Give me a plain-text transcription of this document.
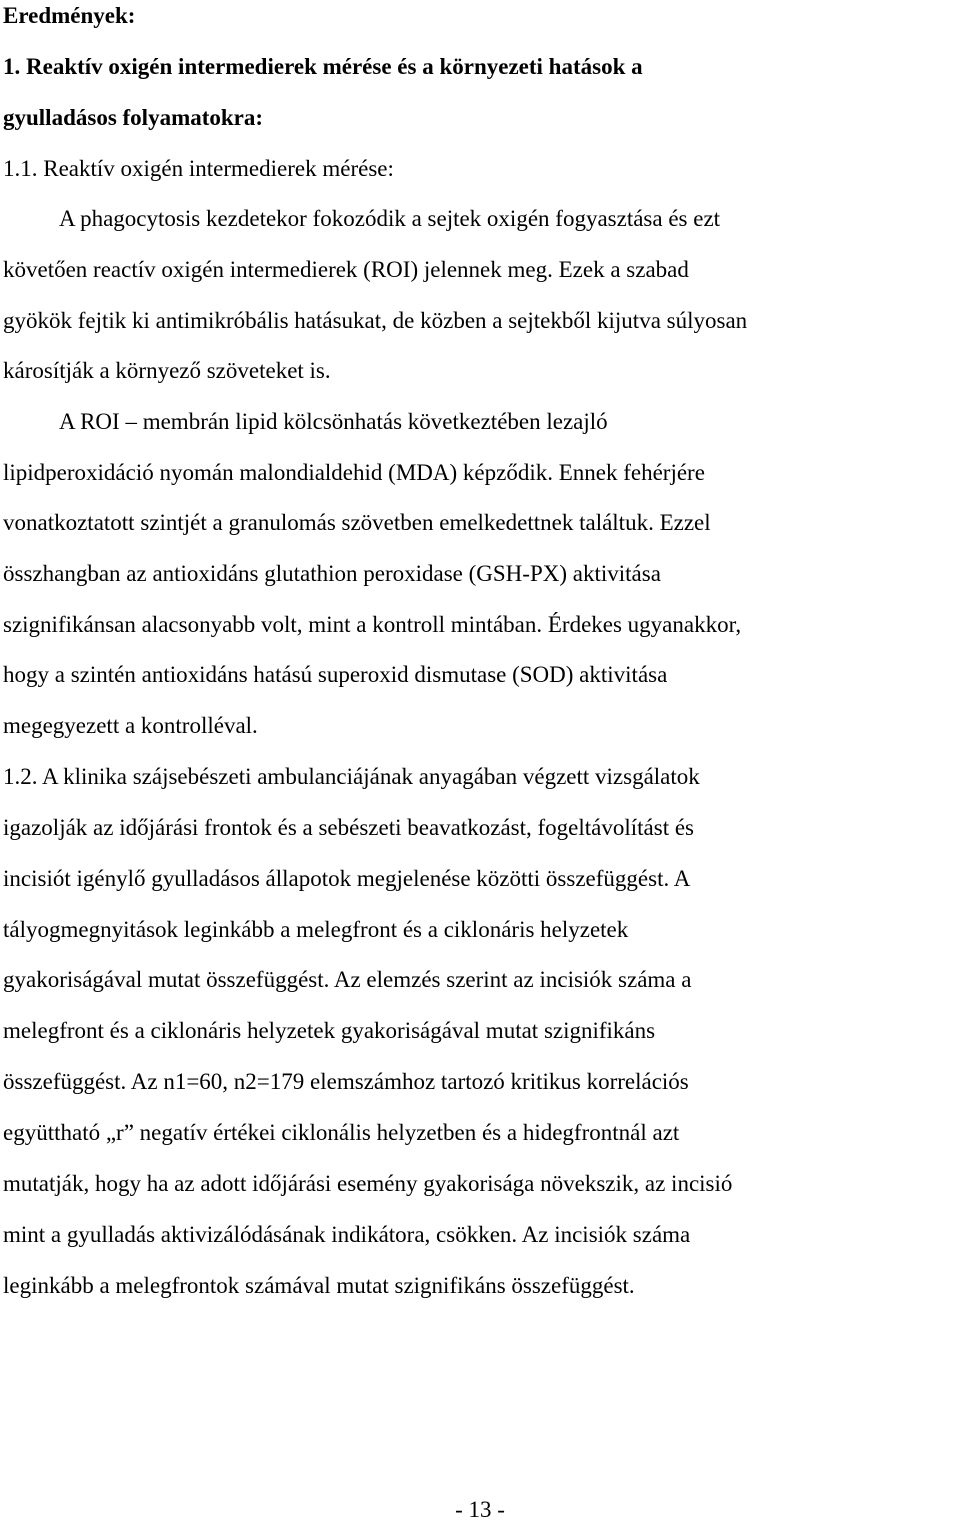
Eredmények:
1. Reaktív oxigén intermedierek mérése és a környezeti hatások a
gyulladásos folyamatokra:
1.1. Reaktív oxigén intermedierek mérése:
A phagocytosis kezdetekor fokozódik a sejtek oxigén fogyasztása és ezt
követően reactív oxigén intermedierek (ROI) jelennek meg. Ezek a szabad
gyökök fejtik ki antimikróbális hatásukat, de közben a sejtekből kijutva súlyosan
károsítják a környező szöveteket is.
A ROI – membrán lipid kölcsönhatás következtében lezajló
lipidperoxidáció nyomán malondialdehid (MDA) képződik. Ennek fehérjére
vonatkoztatott szintjét a granulomás szövetben emelkedettnek találtuk. Ezzel
összhangban az antioxidáns glutathion peroxidase (GSH-PX) aktivitása
szignifikánsan alacsonyabb volt, mint a kontroll mintában. Érdekes ugyanakkor,
hogy a szintén antioxidáns hatású superoxid dismutase (SOD) aktivitása
megegyezett a kontrolléval.
1.2. A klinika szájsebészeti ambulanciájának anyagában végzett vizsgálatok
igazolják az időjárási frontok és a sebészeti beavatkozást, fogeltávolítást és
incisiót igénylő gyulladásos állapotok megjelenése közötti összefüggést. A
tályogmegnyitások leginkább a melegfront és a ciklonáris helyzetek
gyakoriságával mutat összefüggést. Az elemzés szerint az incisiók száma a
melegfront és a ciklonáris helyzetek gyakoriságával mutat szignifikáns
összefüggést. Az n1=60, n2=179 elemszámhoz tartozó kritikus korrelációs
együttható „r” negatív értékei ciklonális helyzetben és a hidegfrontnál azt
mutatják, hogy ha az adott időjárási esemény gyakorisága növekszik, az incisió
mint a gyulladás aktivizálódásának indikátora, csökken. Az incisiók száma
leginkább a melegfrontok számával mutat szignifikáns összefüggést.
- 13 -
